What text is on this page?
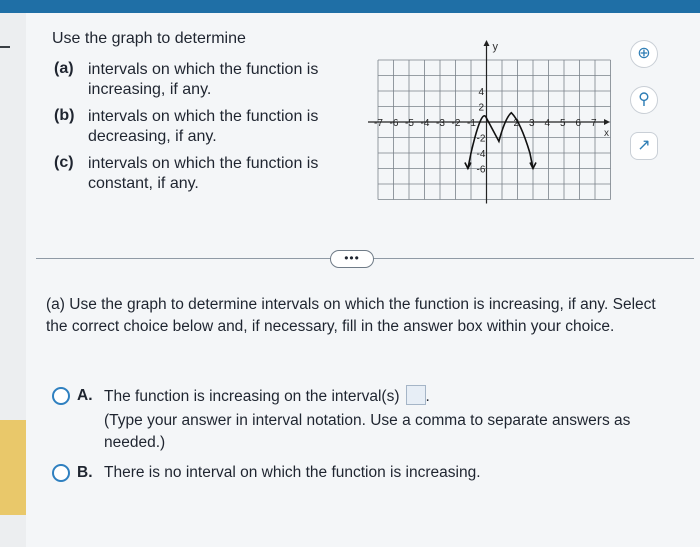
Use the graph to determine
(a) intervals on which the function is increasing, if any.
(b) intervals on which the function is decreasing, if any.
(c) intervals on which the function is constant, if any.
x
y
-7 -6 -5 -4 -3 -2 -1	2 3 4 5 6 7
4
2
-2
-4
-6
⊕
⚲
↗
•••
(a) Use the graph to determine intervals on which the function is increasing, if any. Select the correct choice below and, if necessary, fill in the answer box within your choice.
A. The function is increasing on the interval(s) .
(Type your answer in interval notation. Use a comma to separate answers as needed.)
B. There is no interval on which the function is increasing.
